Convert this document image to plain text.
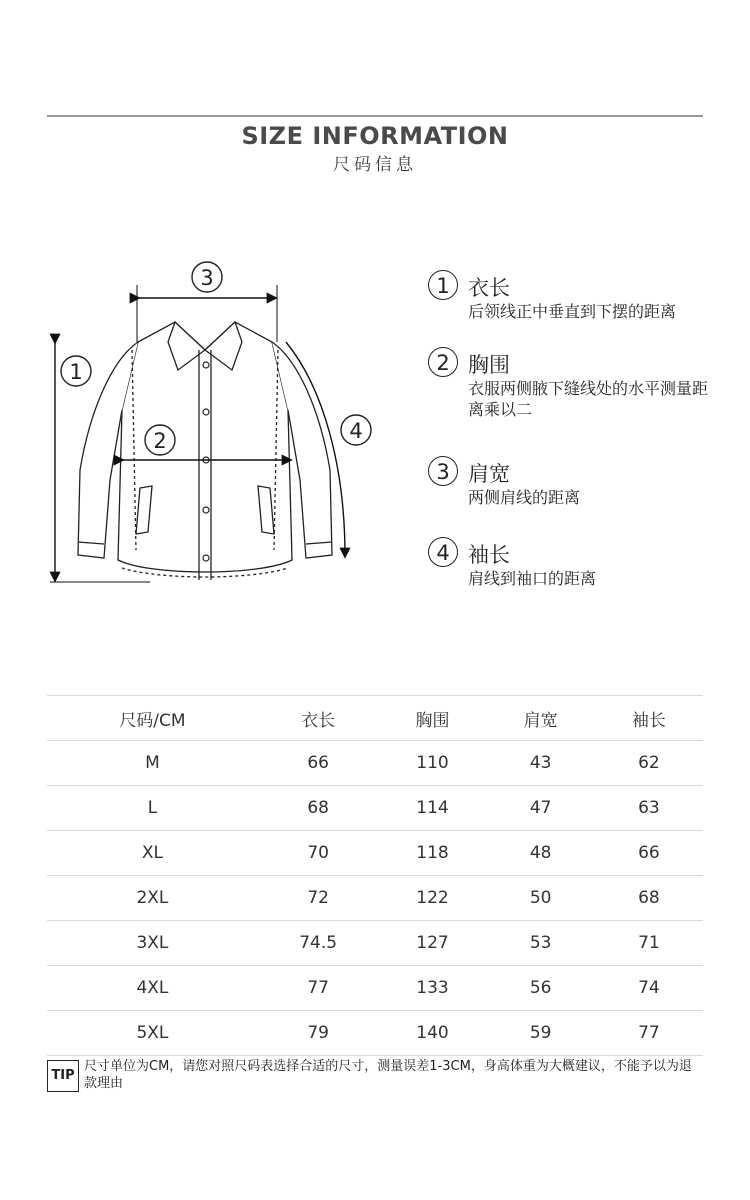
SIZE INFORMATION
尺码信息
1
2
3
4
1 衣长
后领线正中垂直到下摆的距离
2 胸围
衣服两侧腋下缝线处的水平测量距离乘以二
3 肩宽
两侧肩线的距离
4 袖长
肩线到袖口的距离
尺码/CM	衣长	胸围	肩宽	袖长
M	66	110	43	62
L	68	114	47	63
XL	70	118	48	66
2XL	72	122	50	68
3XL	74.5	127	53	71
4XL	77	133	56	74
5XL	79	140	59	77
TIP
尺寸单位为CM，请您对照尺码表选择合适的尺寸，测量误差1-3CM，身高体重为大概建议，不能予以为退款理由
